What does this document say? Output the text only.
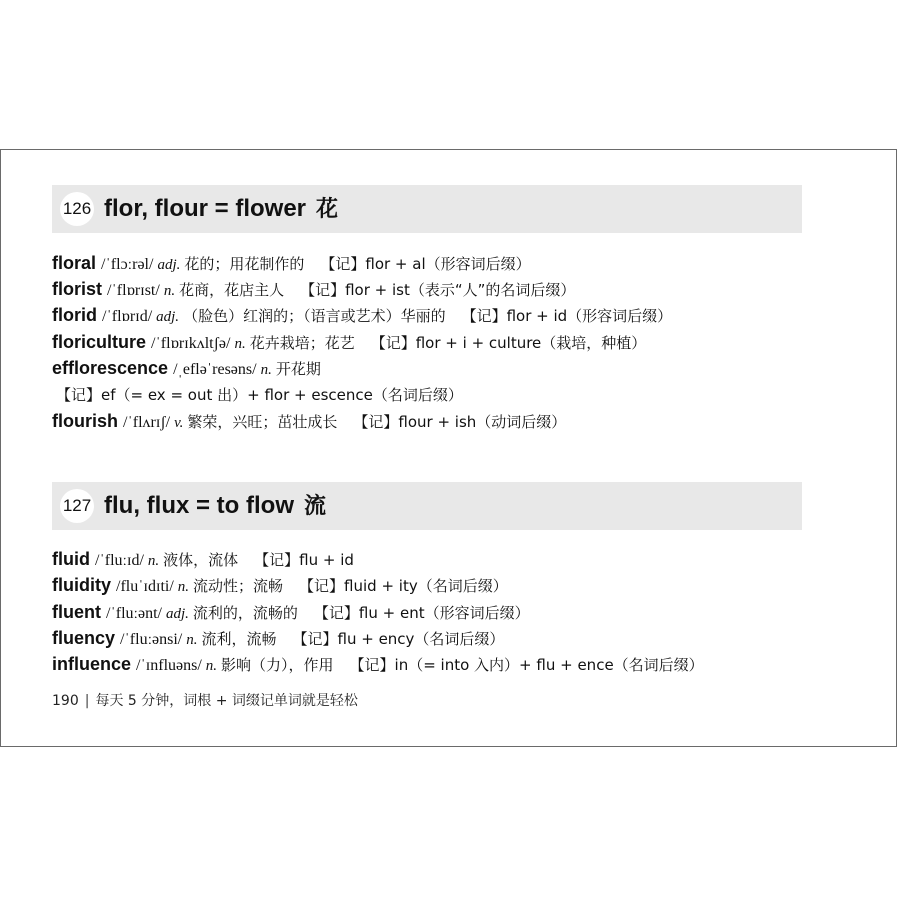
126 flor, flour = flower 花
floral /ˈflɔːrəl/ adj. 花的；用花制作的 【记】flor + al（形容词后缀）
florist /ˈflɒrɪst/ n. 花商，花店主人 【记】flor + ist（表示“人”的名词后缀）
florid /ˈflɒrɪd/ adj. （脸色）红润的；（语言或艺术）华丽的 【记】flor + id（形容词后缀）
floriculture /ˈflɒrɪkʌltʃə/ n. 花卉栽培；花艺 【记】flor + i + culture（栽培，种植）
efflorescence /ˌefləˈresəns/ n. 开花期
【记】ef（= ex = out 出）+ flor + escence（名词后缀）
flourish /ˈflʌrɪʃ/ v. 繁荣，兴旺；茁壮成长 【记】flour + ish（动词后缀）
127 flu, flux = to flow 流
fluid /ˈfluːɪd/ n. 液体，流体 【记】flu + id
fluidity /fluˈɪdɪti/ n. 流动性；流畅 【记】fluid + ity（名词后缀）
fluent /ˈfluːənt/ adj. 流利的，流畅的 【记】flu + ent（形容词后缀）
fluency /ˈfluːənsi/ n. 流利，流畅 【记】flu + ency（名词后缀）
influence /ˈɪnfluəns/ n. 影响（力），作用 【记】in（= into 入内）+ flu + ence（名词后缀）
190 | 每天 5 分钟，词根 + 词缀记单词就是轻松
